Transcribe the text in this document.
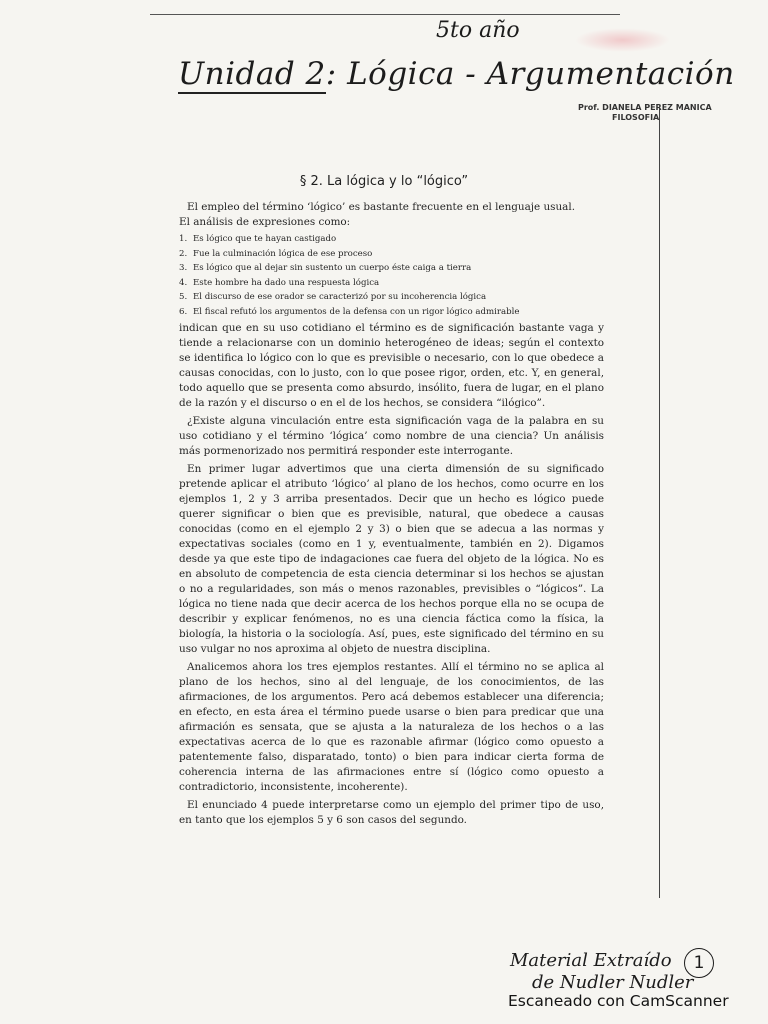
5to año
Unidad 2: Lógica - Argumentación
Prof. DIANELA PEREZ MANICA
FILOSOFIA
§ 2. La lógica y lo “lógico”

El empleo del término ‘lógico’ es bastante frecuente en el lenguaje usual.

El análisis de expresiones como:

1. Es lógico que te hayan castigado
2. Fue la culminación lógica de ese proceso
3. Es lógico que al dejar sin sustento un cuerpo éste caiga a tierra
4. Este hombre ha dado una respuesta lógica
5. El discurso de ese orador se caracterizó por su incoherencia lógica
6. El fiscal refutó los argumentos de la defensa con un rigor lógico admirable

indican que en su uso cotidiano el término es de significación bastante vaga y tiende a relacionarse con un dominio heterogéneo de ideas; según el contexto se identifica lo lógico con lo que es previsible o necesario, con lo que obedece a causas conocidas, con lo justo, con lo que posee rigor, orden, etc. Y, en general, todo aquello que se presenta como absurdo, insólito, fuera de lugar, en el plano de la razón y el discurso o en el de los hechos, se considera “ilógico”.

¿Existe alguna vinculación entre esta significación vaga de la palabra en su uso cotidiano y el término ‘lógica’ como nombre de una ciencia? Un análisis más pormenorizado nos permitirá responder este interrogante.

En primer lugar advertimos que una cierta dimensión de su significado pretende aplicar el atributo ‘lógico’ al plano de los hechos, como ocurre en los ejemplos 1, 2 y 3 arriba presentados. Decir que un hecho es lógico puede querer significar o bien que es previsible, natural, que obedece a causas conocidas (como en el ejemplo 2 y 3) o bien que se adecua a las normas y expectativas sociales (como en 1 y, eventualmente, también en 2). Digamos desde ya que este tipo de indagaciones cae fuera del objeto de la lógica. No es en absoluto de competencia de esta ciencia determinar si los hechos se ajustan o no a regularidades, son más o menos razonables, previsibles o “lógicos”. La lógica no tiene nada que decir acerca de los hechos porque ella no se ocupa de describir y explicar fenómenos, no es una ciencia fáctica como la física, la biología, la historia o la sociología. Así, pues, este significado del término en su uso vulgar no nos aproxima al objeto de nuestra disciplina.

Analicemos ahora los tres ejemplos restantes. Allí el término no se aplica al plano de los hechos, sino al del lenguaje, de los conocimientos, de las afirmaciones, de los argumentos. Pero acá debemos establecer una diferencia; en efecto, en esta área el término puede usarse o bien para predicar que una afirmación es sensata, que se ajusta a la naturaleza de los hechos o a las expectativas acerca de lo que es razonable afirmar (lógico como opuesto a patentemente falso, disparatado, tonto) o bien para indicar cierta forma de coherencia interna de las afirmaciones entre sí (lógico como opuesto a contradictorio, inconsistente, incoherente).

El enunciado 4 puede interpretarse como un ejemplo del primer tipo de uso, en tanto que los ejemplos 5 y 6 son casos del segundo.

Material Extraído
de Nudler Nudler
1
Escaneado con CamScanner
